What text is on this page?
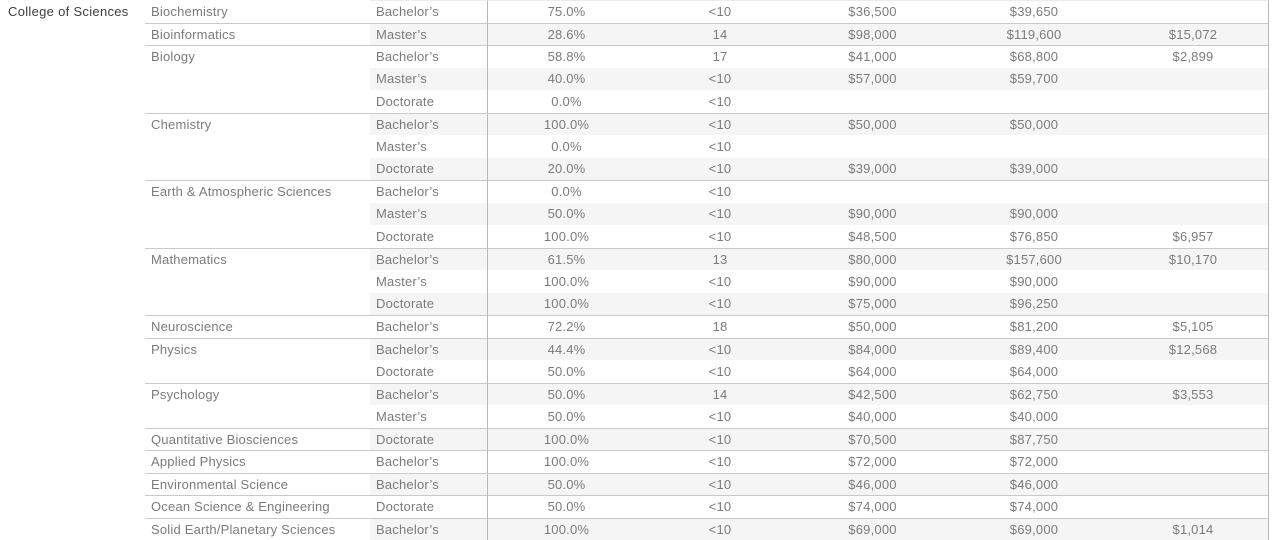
College of Sciences	Biochemistry	Bachelor’s	75.0%	<10	$36,500	$39,650
Bioinformatics	Master’s	28.6%	14	$98,000	$119,600	$15,072
Biology	Bachelor’s	58.8%	17	$41,000	$68,800	$2,899
Master’s	40.0%	<10	$57,000	$59,700
Doctorate	0.0%	<10
Chemistry	Bachelor’s	100.0%	<10	$50,000	$50,000
Master’s	0.0%	<10
Doctorate	20.0%	<10	$39,000	$39,000
Earth & Atmospheric Sciences	Bachelor’s	0.0%	<10
Master’s	50.0%	<10	$90,000	$90,000
Doctorate	100.0%	<10	$48,500	$76,850	$6,957
Mathematics	Bachelor’s	61.5%	13	$80,000	$157,600	$10,170
Master’s	100.0%	<10	$90,000	$90,000
Doctorate	100.0%	<10	$75,000	$96,250
Neuroscience	Bachelor’s	72.2%	18	$50,000	$81,200	$5,105
Physics	Bachelor’s	44.4%	<10	$84,000	$89,400	$12,568
Doctorate	50.0%	<10	$64,000	$64,000
Psychology	Bachelor’s	50.0%	14	$42,500	$62,750	$3,553
Master’s	50.0%	<10	$40,000	$40,000
Quantitative Biosciences	Doctorate	100.0%	<10	$70,500	$87,750
Applied Physics	Bachelor’s	100.0%	<10	$72,000	$72,000
Environmental Science	Bachelor’s	50.0%	<10	$46,000	$46,000
Ocean Science & Engineering	Doctorate	50.0%	<10	$74,000	$74,000
Solid Earth/Planetary Sciences	Bachelor’s	100.0%	<10	$69,000	$69,000	$1,014
